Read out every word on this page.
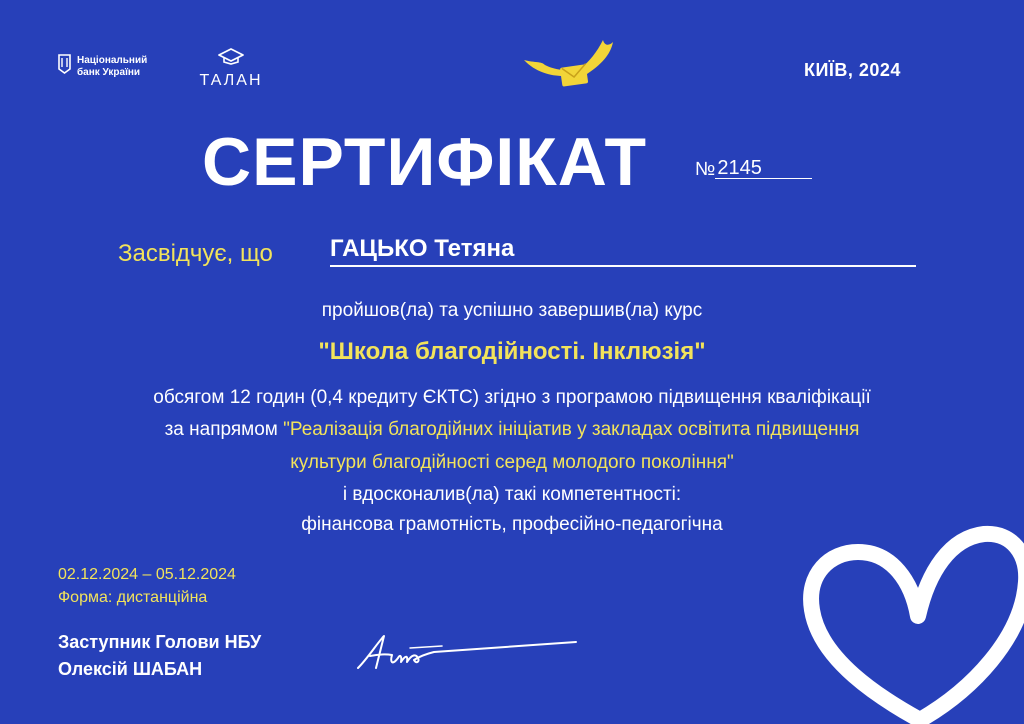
Національний
банк України	ТАЛАН
КИЇВ, 2024
СЕРТИФІКАТ	№ 2145
Засвідчує, що ГАЦЬКО Тетяна
пройшов(ла) та успішно завершив(ла) курс
"Школа благодійності. Інклюзія"
обсягом 12 годин (0,4 кредиту ЄКТС) згідно з програмою підвищення кваліфікації
за напрямом "Реалізація благодійних ініціатив у закладах освітита підвищення
культури благодійності серед молодого покоління"
і вдосконалив(ла) такі компетентності:
фінансова грамотність, професійно-педагогічна
02.12.2024 – 05.12.2024
Форма: дистанційна
Заступник Голови НБУ
Олексій ШАБАН
